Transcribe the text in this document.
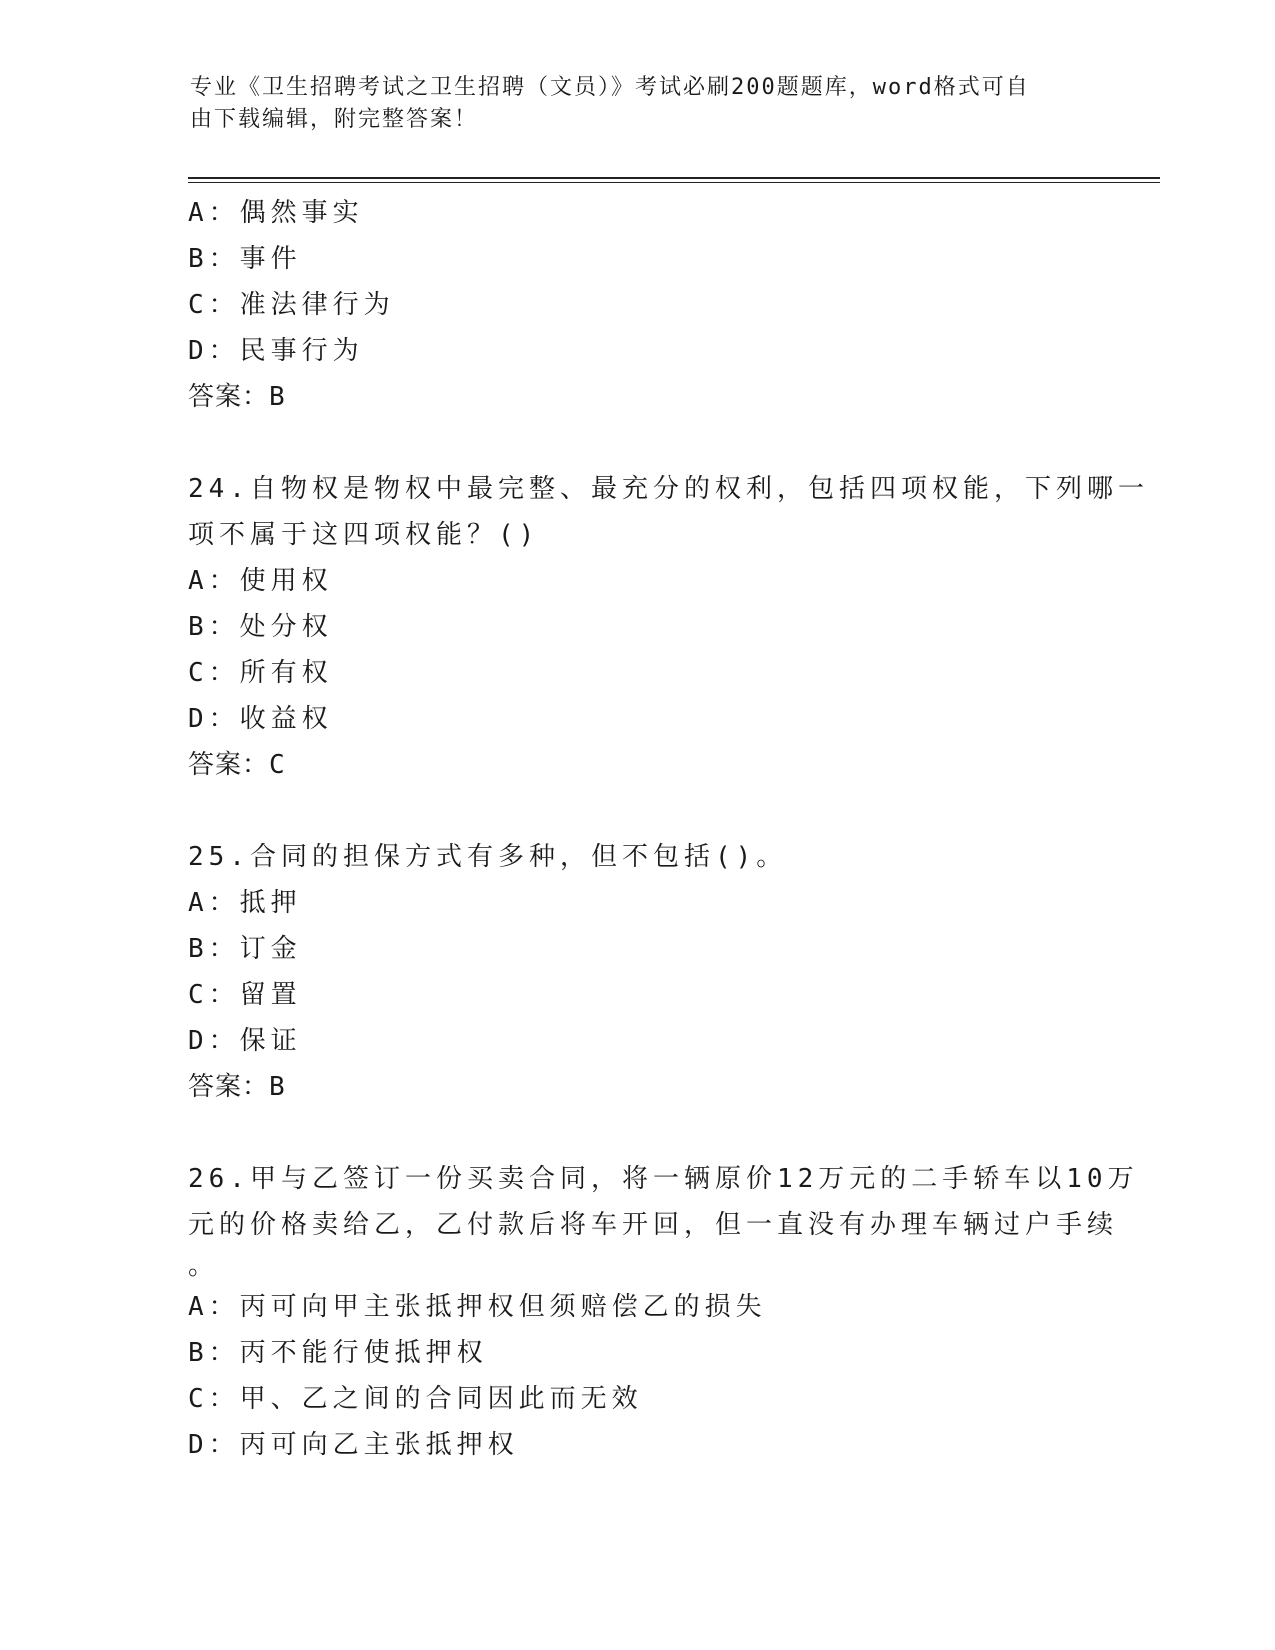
专业《卫生招聘考试之卫生招聘（文员）》考试必刷200题题库，word格式可自
由下载编辑，附完整答案！
A：偶然事实
B：事件
C：准法律行为
D：民事行为
答案：B
24.自物权是物权中最完整、最充分的权利，包括四项权能，下列哪一
项不属于这四项权能？()
A：使用权
B：处分权
C：所有权
D：收益权
答案：C
25.合同的担保方式有多种，但不包括()。
A：抵押
B：订金
C：留置
D：保证
答案：B
26.甲与乙签订一份买卖合同，将一辆原价12万元的二手轿车以10万
元的价格卖给乙，乙付款后将车开回，但一直没有办理车辆过户手续
。
A：丙可向甲主张抵押权但须赔偿乙的损失
B：丙不能行使抵押权
C：甲、乙之间的合同因此而无效
D：丙可向乙主张抵押权
